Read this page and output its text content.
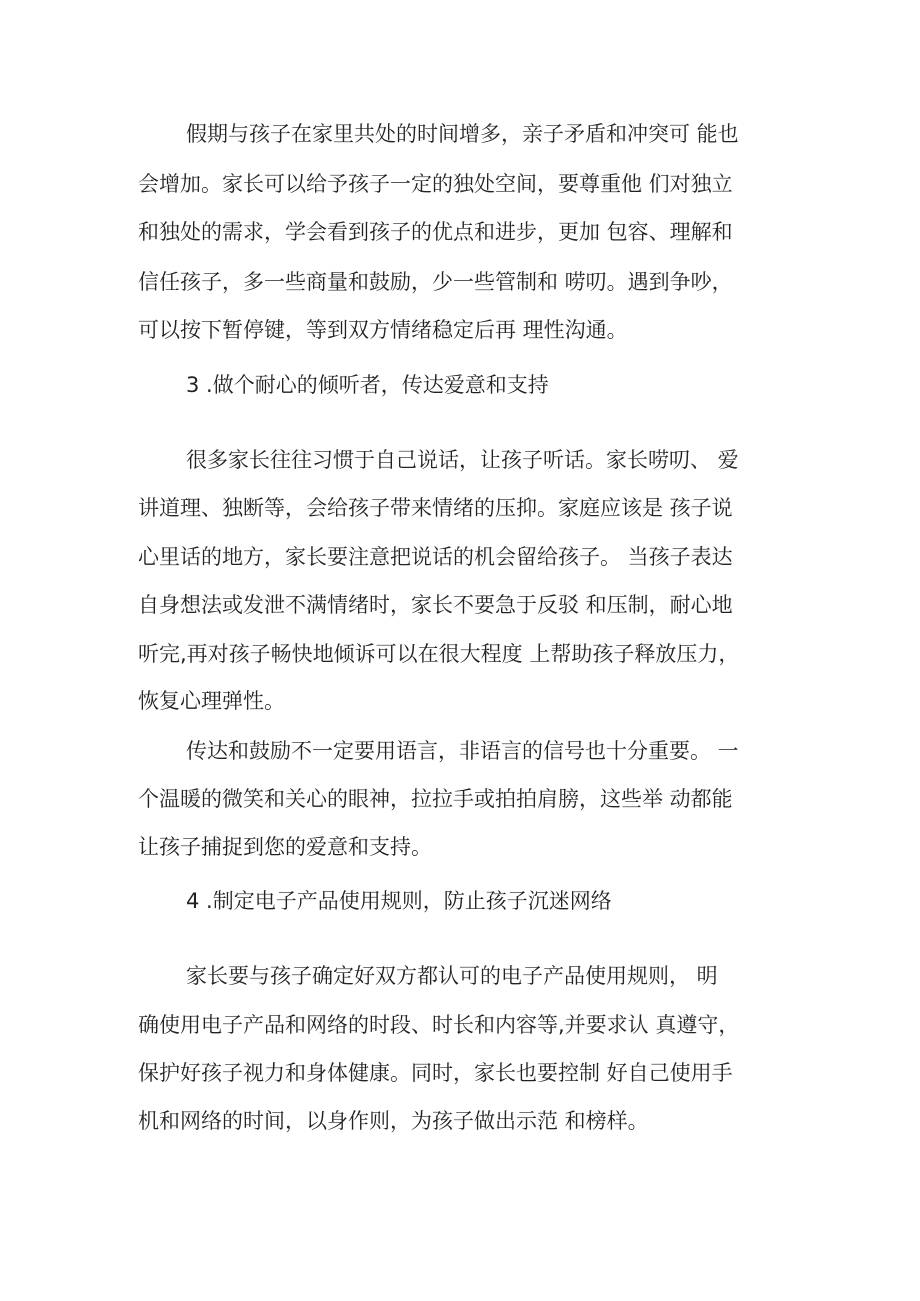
假期与孩子在家里共处的时间增多，亲子矛盾和冲突可 能也
会增加。家长可以给予孩子一定的独处空间，要尊重他 们对独立
和独处的需求，学会看到孩子的优点和进步，更加 包容、理解和
信任孩子，多一些商量和鼓励，少一些管制和 唠叨。遇到争吵，
可以按下暂停键，等到双方情绪稳定后再 理性沟通。
3 .做个耐心的倾听者，传达爱意和支持
很多家长往往习惯于自己说话，让孩子听话。家长唠叨、 爱
讲道理、独断等，会给孩子带来情绪的压抑。家庭应该是 孩子说
心里话的地方，家长要注意把说话的机会留给孩子。 当孩子表达
自身想法或发泄不满情绪时，家长不要急于反驳 和压制，耐心地
听完,再对孩子畅快地倾诉可以在很大程度 上帮助孩子释放压力，
恢复心理弹性。
传达和鼓励不一定要用语言，非语言的信号也十分重要。 一
个温暖的微笑和关心的眼神，拉拉手或拍拍肩膀，这些举 动都能
让孩子捕捉到您的爱意和支持。
4 .制定电子产品使用规则，防止孩子沉迷网络
家长要与孩子确定好双方都认可的电子产品使用规则， 明
确使用电子产品和网络的时段、时长和内容等,并要求认 真遵守，
保护好孩子视力和身体健康。同时，家长也要控制 好自己使用手
机和网络的时间，以身作则，为孩子做出示范 和榜样。
